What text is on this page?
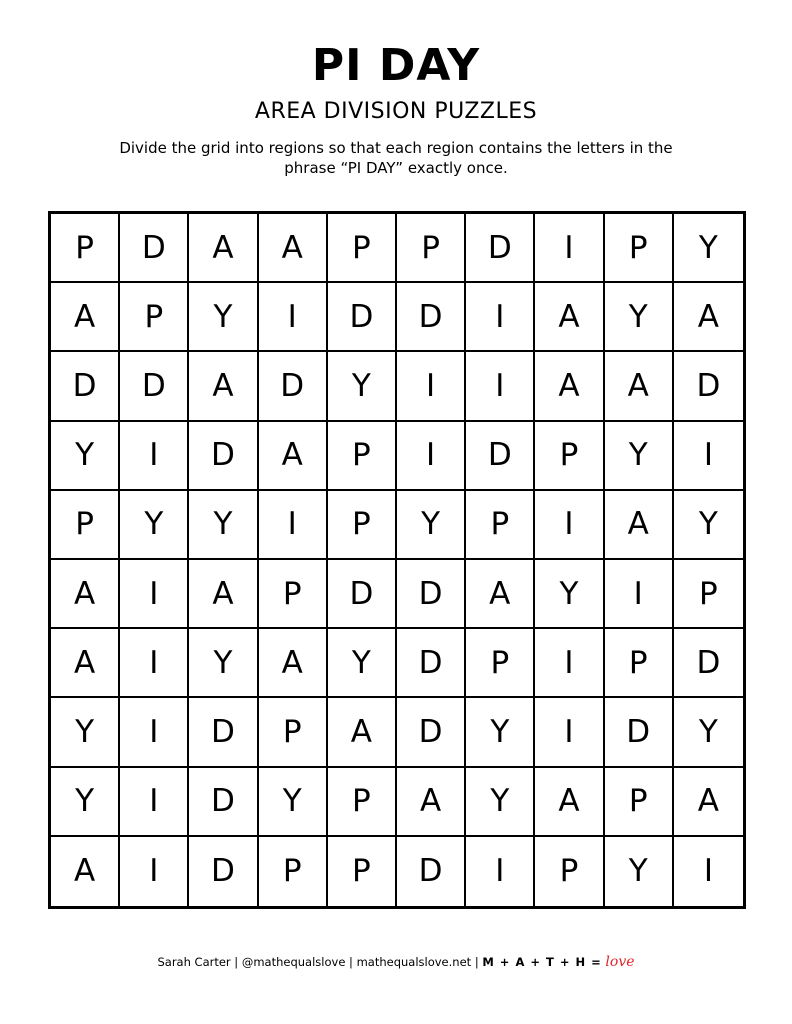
PI DAY
AREA DIVISION PUZZLES
Divide the grid into regions so that each region contains the letters in the phrase “PI DAY” exactly once.
P	D	A	A	P	P	D	I	P	Y
A	P	Y	I	D	D	I	A	Y	A
D	D	A	D	Y	I	I	A	A	D
Y	I	D	A	P	I	D	P	Y	I
P	Y	Y	I	P	Y	P	I	A	Y
A	I	A	P	D	D	A	Y	I	P
A	I	Y	A	Y	D	P	I	P	D
Y	I	D	P	A	D	Y	I	D	Y
Y	I	D	Y	P	A	Y	A	P	A
A	I	D	P	P	D	I	P	Y	I
Sarah Carter | @mathequalslove | mathequalslove.net | M + A + T + H = love
